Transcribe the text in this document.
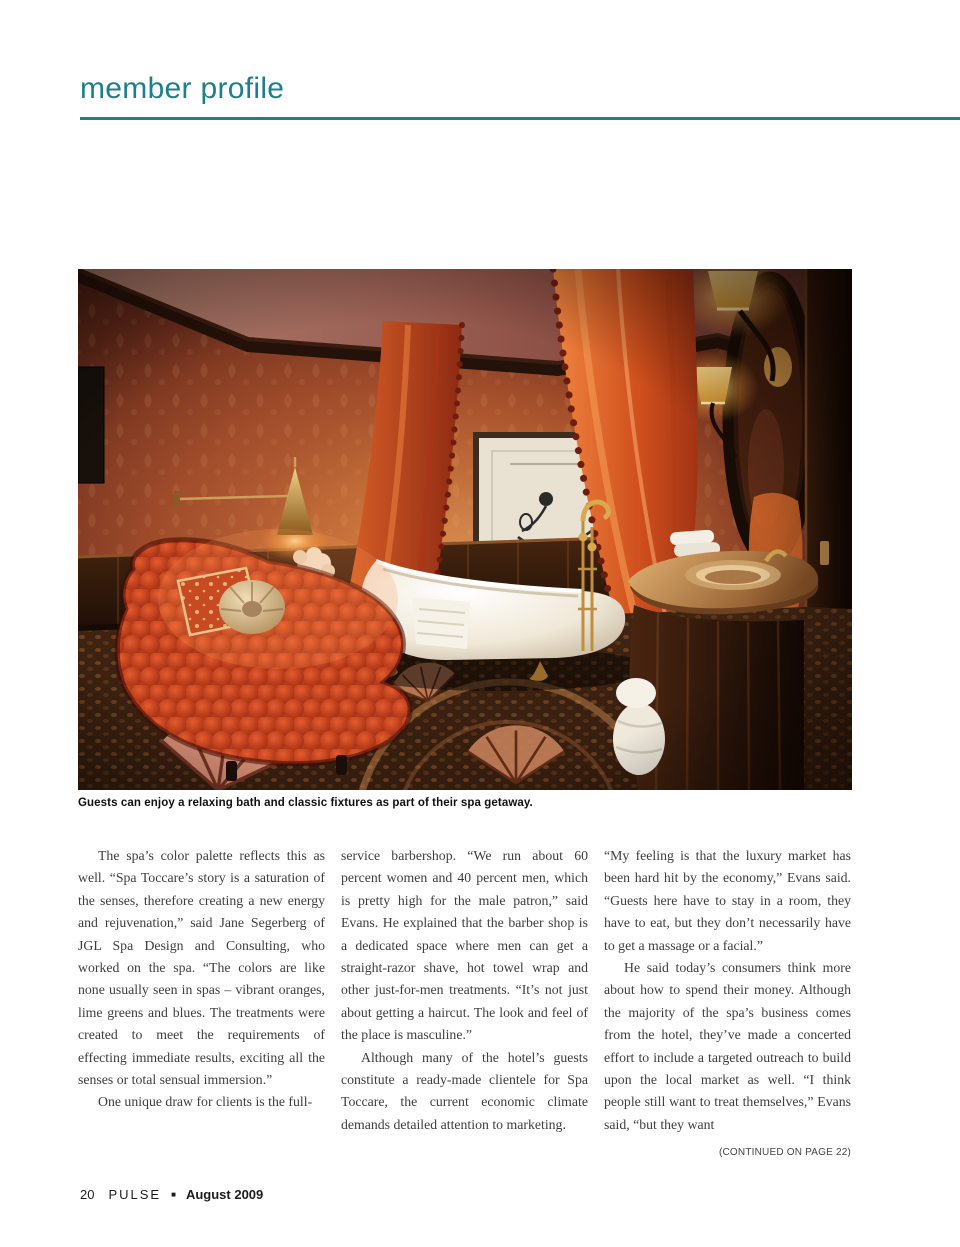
member profile
Guests can enjoy a relaxing bath and classic fixtures as part of their spa getaway.

The spa’s color palette reflects this as well. “Spa Toccare’s story is a saturation of the senses, therefore creating a new energy and rejuvenation,” said Jane Segerberg of JGL Spa Design and Consulting, who worked on the spa. “The colors are like none usually seen in spas – vibrant oranges, lime greens and blues. The treatments were created to meet the requirements of effecting immediate results, exciting all the senses or total sensual immersion.”

One unique draw for clients is the full-

service barbershop. “We run about 60 percent women and 40 percent men, which is pretty high for the male patron,” said Evans. He explained that the barber shop is a dedicated space where men can get a straight-razor shave, hot towel wrap and other just-for-men treatments. “It’s not just about getting a haircut. The look and feel of the place is masculine.”

Although many of the hotel’s guests constitute a ready-made clientele for Spa Toccare, the current economic climate demands detailed attention to marketing.

“My feeling is that the luxury market has been hard hit by the economy,” Evans said. “Guests here have to stay in a room, they have to eat, but they don’t necessarily have to get a massage or a facial.”

He said today’s consumers think more about how to spend their money. Although the majority of the spa’s business comes from the hotel, they’ve made a concerted effort to include a targeted outreach to build upon the local market as well. “I think people still want to treat themselves,” Evans said, “but they want

(CONTINUED ON PAGE 22)
20 PULSE ■ August 2009
